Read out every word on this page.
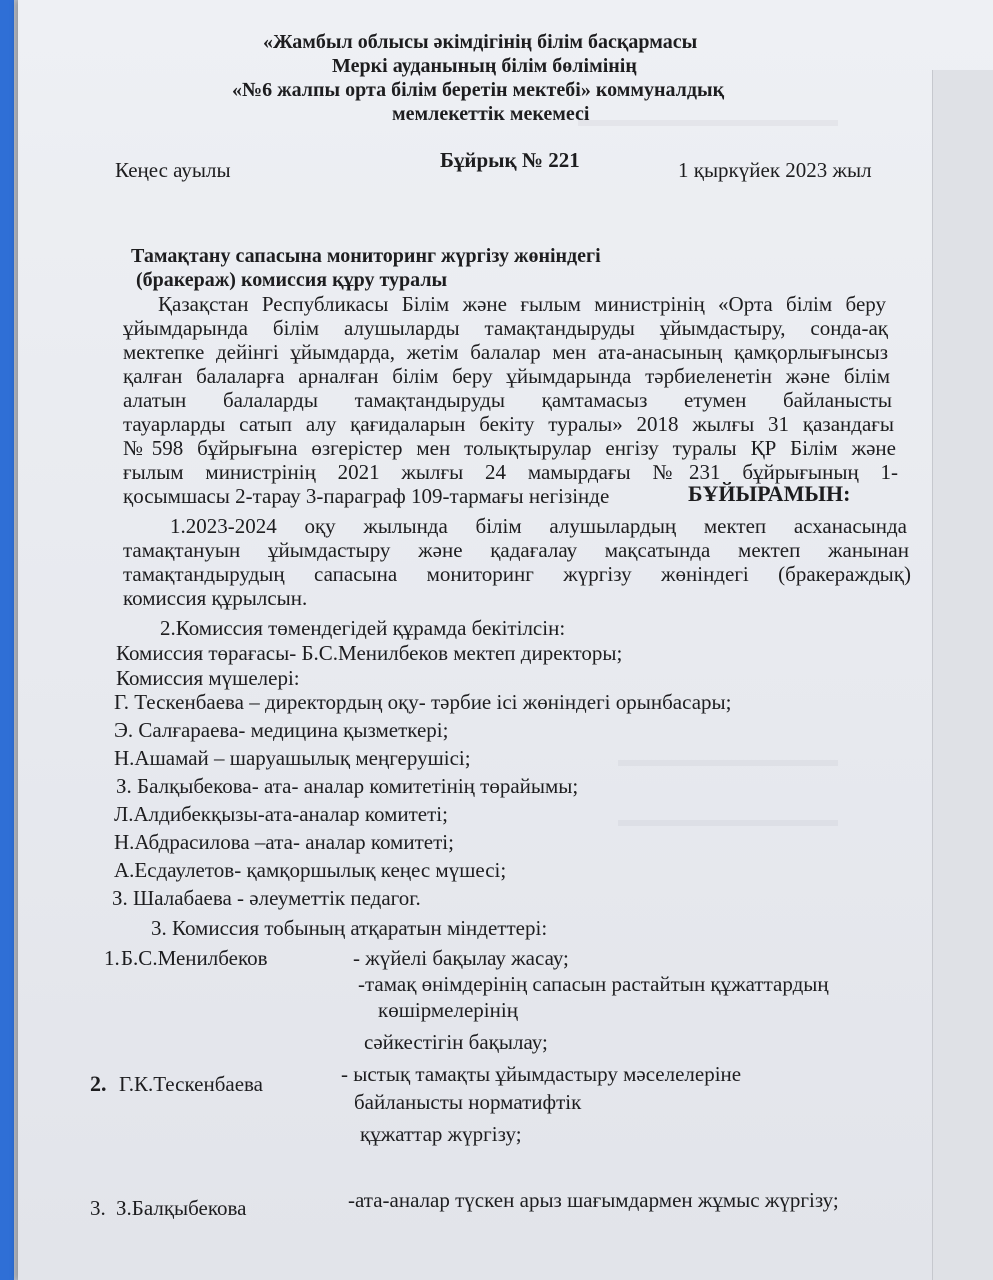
«Жамбыл облысы әкімдігінің білім басқармасы
Меркі ауданының білім бөлімінің
«№6 жалпы орта білім беретін мектебі» коммуналдық
мемлекеттік мекемесі
Кеңес ауылы	Бұйрық № 221	1 қыркүйек 2023 жыл
Тамақтану сапасына мониторинг жүргізу жөніндегі
(бракераж) комиссия құру туралы
Қазақстан Республикасы Білім және ғылым министрінің «Орта білім беру
ұйымдарында білім алушыларды тамақтандыруды ұйымдастыру, сонда-ақ
мектепке дейінгі ұйымдарда, жетім балалар мен ата-анасының қамқорлығынсыз
қалған балаларға арналған білім беру ұйымдарында тәрбиеленетін және білім
алатын балаларды тамақтандыруды қамтамасыз етумен байланысты
тауарларды сатып алу қағидаларын бекіту туралы» 2018 жылғы 31 қазандағы
№598 бұйрығына өзгерістер мен толықтырулар енгізу туралы ҚР Білім және
ғылым министрінің 2021 жылғы 24 мамырдағы №231 бұйрығының 1-
қосымшасы 2-тарау 3-параграф 109-тармағы негізінде	БҰЙЫРАМЫН:
1.2023-2024 оқу жылында білім алушылардың мектеп асханасында
тамақтануын ұйымдастыру және қадағалау мақсатында мектеп жанынан
тамақтандырудың сапасына мониторинг жүргізу жөніндегі (бракераждық)
комиссия құрылсын.
2.Комиссия төмендегідей құрамда бекітілсін:
Комиссия төрағасы- Б.С.Менилбеков мектеп директоры;
Комиссия мүшелері:
Г. Тескенбаева – директордың оқу- тәрбие ісі жөніндегі орынбасары;
Э. Салғараева- медицина қызметкері;
Н.Ашамай – шаруашылық меңгерушісі;
З. Балқыбекова- ата- аналар комитетінің төрайымы;
Л.Алдибекқызы-ата-аналар комитеті;
Н.Абдрасилова –ата- аналар комитеті;
А.Есдаулетов- қамқоршылық кеңес мүшесі;
З. Шалабаева - әлеуметтік педагог.
3. Комиссия тобының атқаратын міндеттері:
1. Б.С.Менилбеков	- жүйелі бақылау жасау;
-тамақ өнімдерінің сапасын растайтын құжаттардың
көшірмелерінің
сәйкестігін бақылау;
2. Г.К.Тескенбаева	- ыстық тамақты ұйымдастыру мәселелеріне
байланысты норматифтік
құжаттар жүргізу;
3. З.Балқыбекова	-ата-аналар түскен арыз шағымдармен жұмыс жүргізу;
